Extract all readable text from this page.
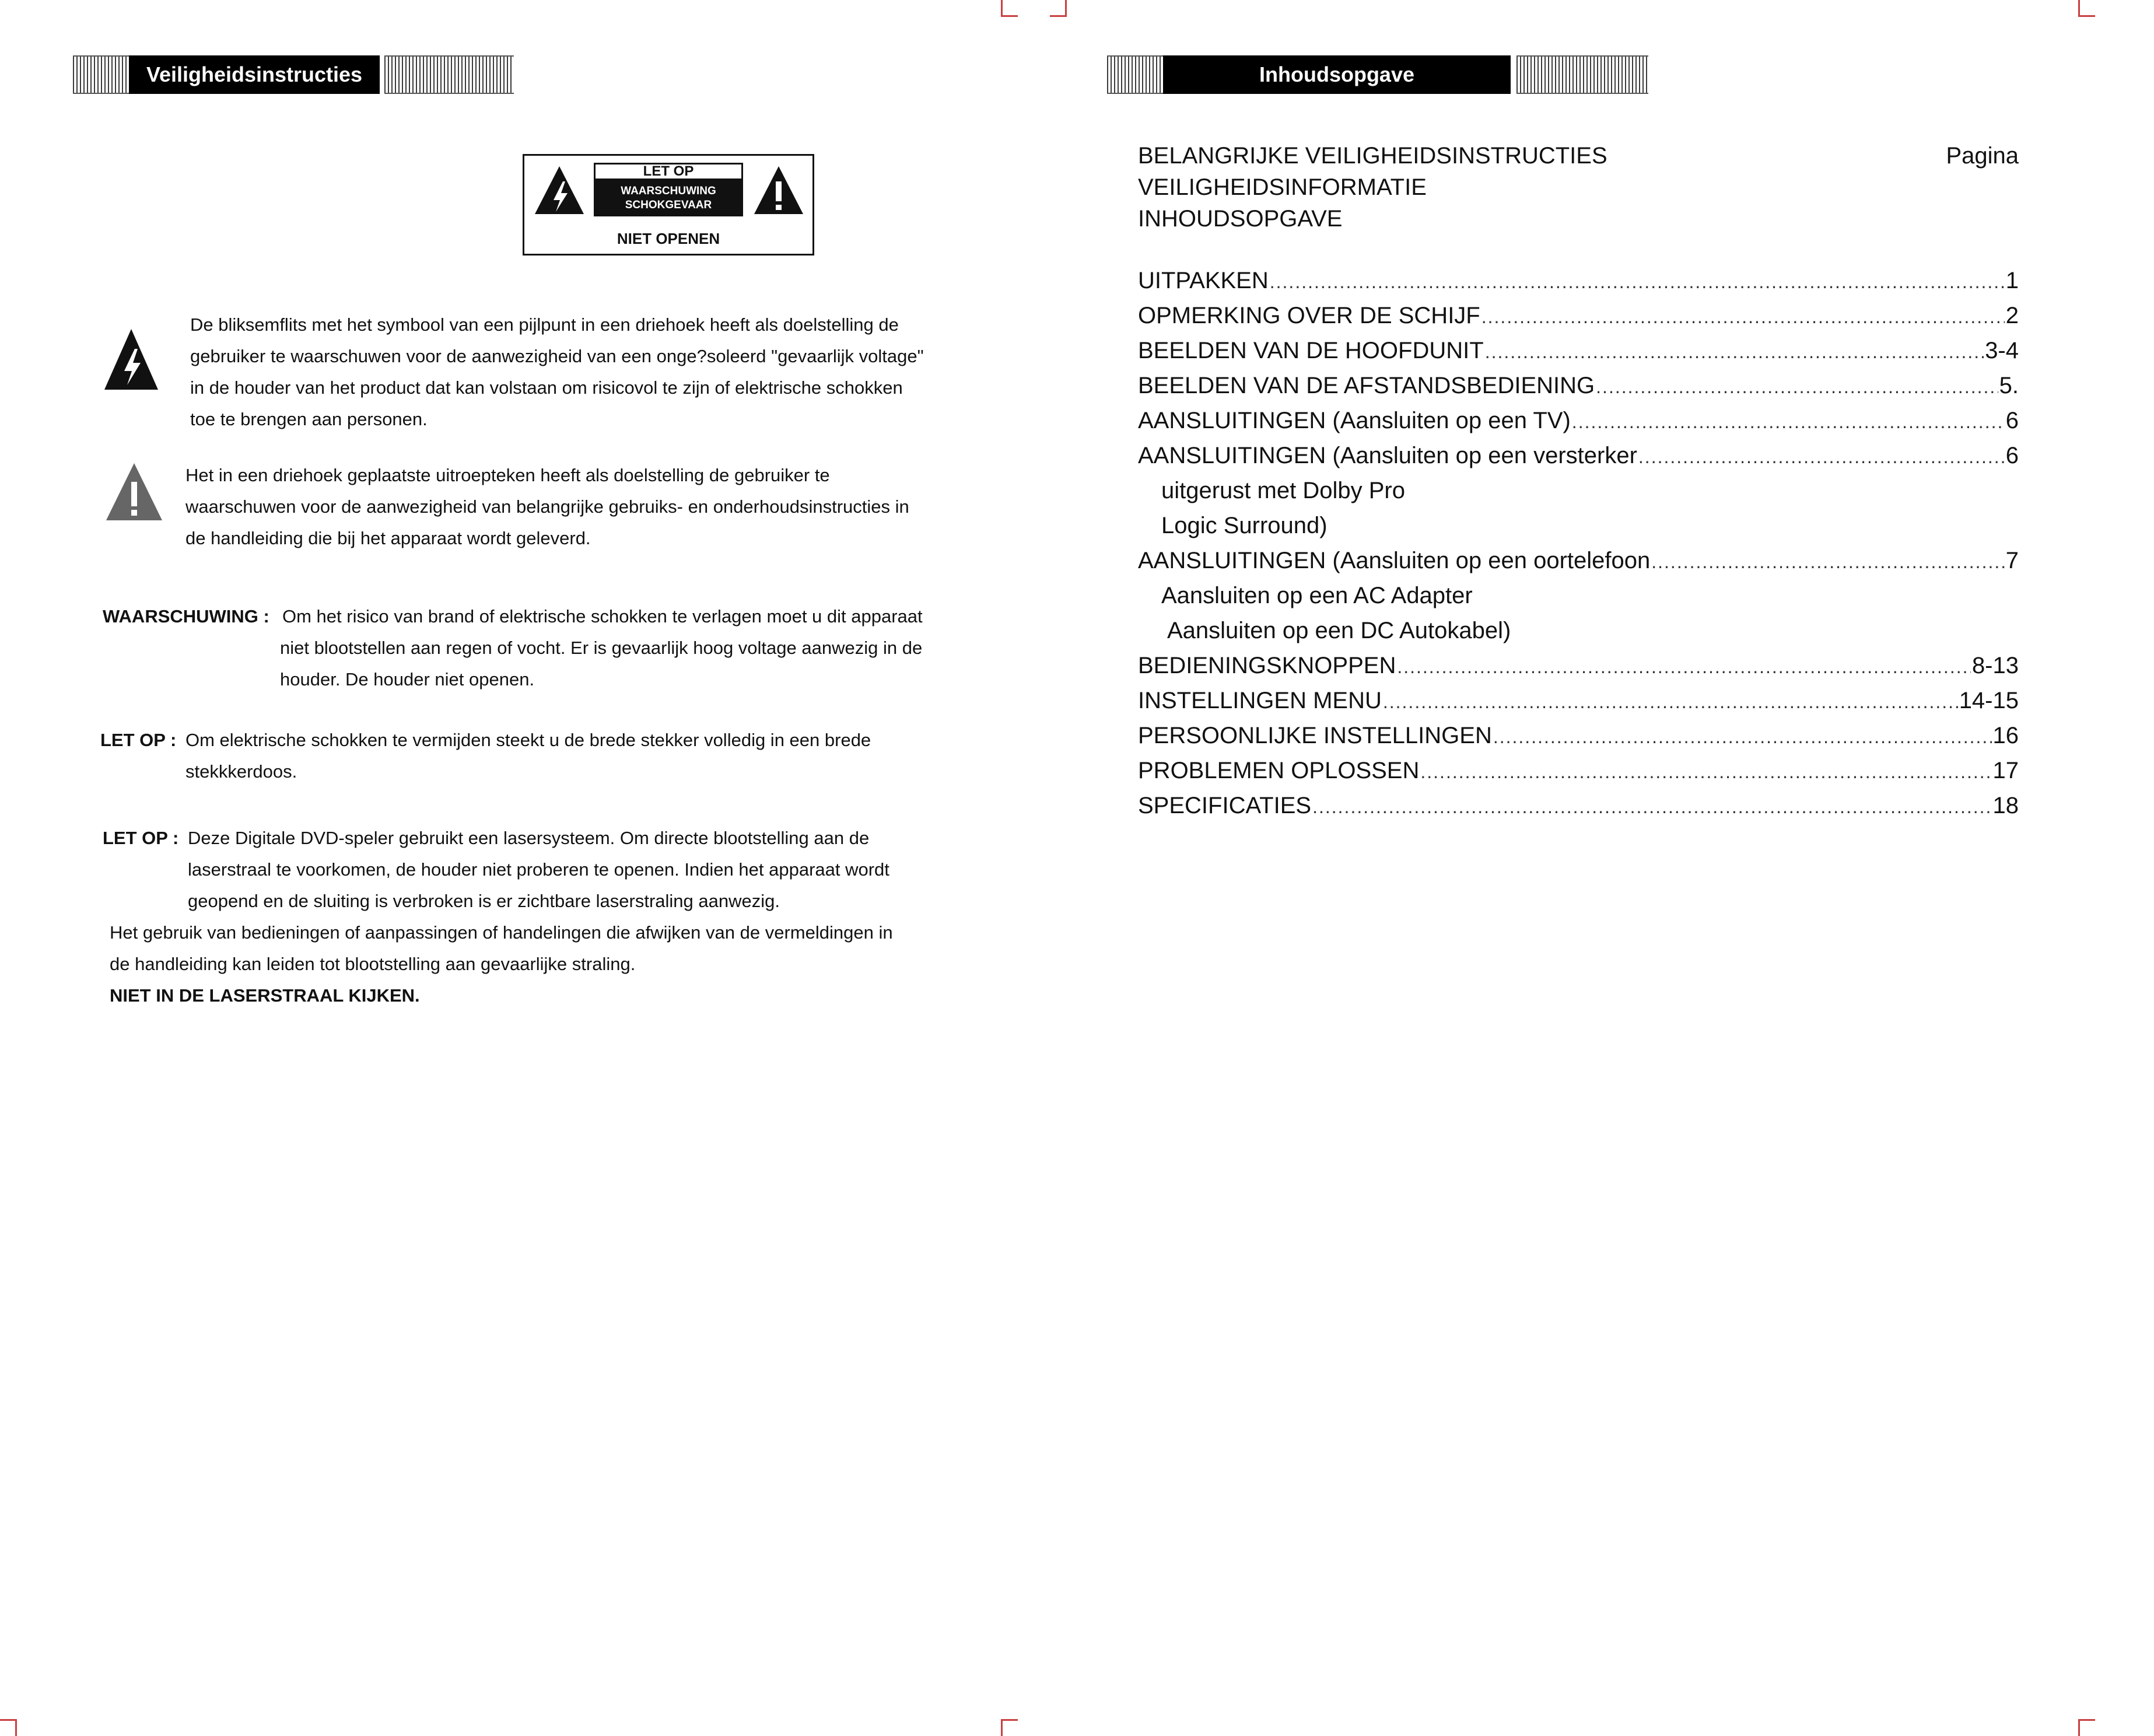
Veiligheidsinstructies
LET OP
WAARSCHUWING
SCHOKGEVAAR
NIET OPENEN

De bliksemflits met het symbool van een pijlpunt in een driehoek heeft als doelstelling de

gebruiker te waarschuwen voor de aanwezigheid van een onge?soleerd "gevaarlijk voltage"

in de houder van het product dat kan volstaan om risicovol te zijn of elektrische schokken

toe te brengen aan personen.

Het in een driehoek geplaatste uitroepteken heeft als doelstelling de gebruiker te

waarschuwen voor de aanwezigheid van belangrijke gebruiks- en onderhoudsinstructies in

de handleiding die bij het apparaat wordt geleverd.

WAARSCHUWING : Om het risico van brand of elektrische schokken te verlagen moet u dit apparaat

niet blootstellen aan regen of vocht. Er is gevaarlijk hoog voltage aanwezig in de

houder. De houder niet openen.

LET OP : Om elektrische schokken te vermijden steekt u de brede stekker volledig in een brede

stekkkerdoos.

LET OP : Deze Digitale DVD-speler gebruikt een lasersysteem. Om directe blootstelling aan de

laserstraal te voorkomen, de houder niet proberen te openen. Indien het apparaat wordt

geopend en de sluiting is verbroken is er zichtbare laserstraling aanwezig.

Het gebruik van bedieningen of aanpassingen of handelingen die afwijken van de vermeldingen in

de handleiding kan leiden tot blootstelling aan gevaarlijke straling.

NIET IN DE LASERSTRAAL KIJKEN.

Inhoudsopgave
BELANGRIJKE VEILIGHEIDSINSTRUCTIES	Pagina
VEILIGHEIDSINFORMATIE
INHOUDSOPGAVE
UITPAKKEN .....	1
OPMERKING OVER DE SCHIJF .....	2
BEELDEN VAN DE HOOFDUNIT .....	3-4
BEELDEN VAN DE AFSTANDSBEDIENING .....	5.
AANSLUITINGEN (Aansluiten op een TV) .....	6
AANSLUITINGEN (Aansluiten op een versterker .....	6
uitgerust met Dolby Pro
Logic Surround)
AANSLUITINGEN (Aansluiten op een oortelefoon .....	7
Aansluiten op een AC Adapter
Aansluiten op een DC Autokabel)
BEDIENINGSKNOPPEN .....	8-13
INSTELLINGEN MENU .....	14-15
PERSOONLIJKE INSTELLINGEN .....	16
PROBLEMEN OPLOSSEN .....	17
SPECIFICATIES .....	18
